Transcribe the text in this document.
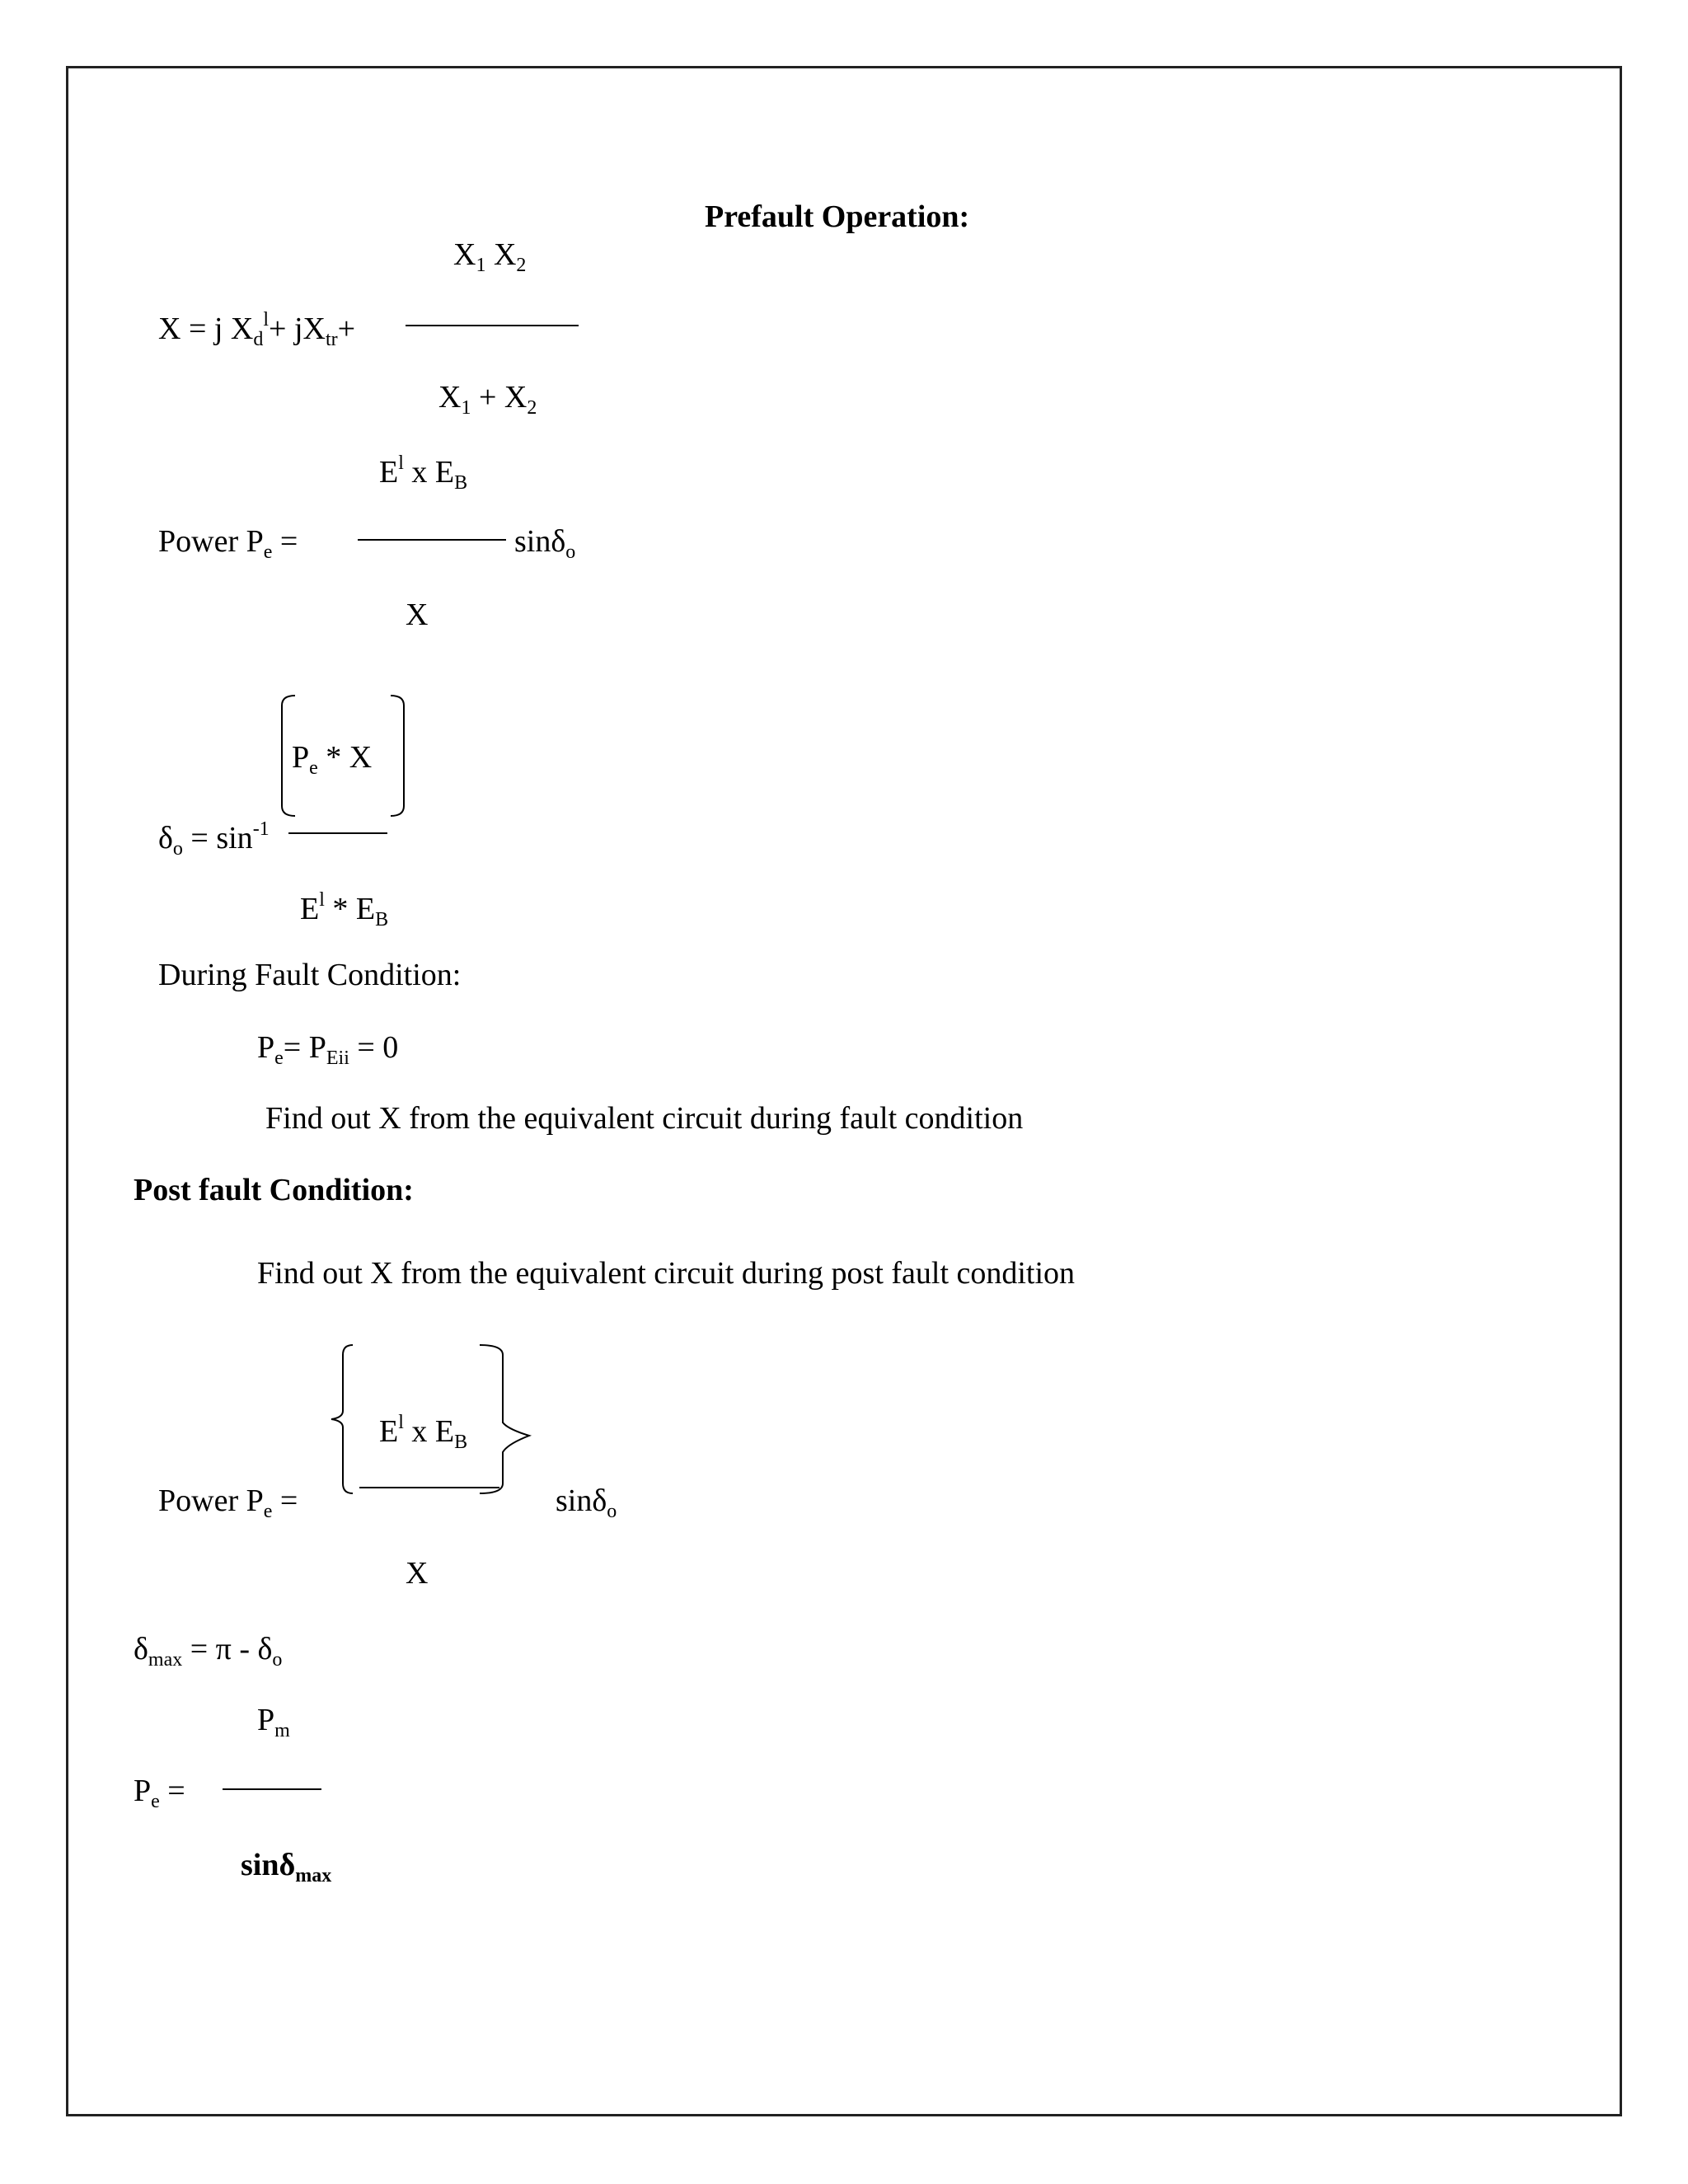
Prefault Operation:
$X_1$ $X_2$
X = j $X_d^l+ jX_{tr}+$
$X_1 + X_2$
$E^l$ x $E_B$
Power $P_e$ =	sinδ$_o$
X
$P_e$ * X
$\delta_o = \sin^{-1}$
$E^l * E_B$
During Fault Condition:
$P_e= P_{Eii} = 0$
Find out X from the equivalent circuit during fault condition
Post fault Condition:
Find out X from the equivalent circuit during post fault condition
$E^l$ x $E_B$
Power $P_e$ =	sinδ$_o$
X
$\delta_{max} = \pi - \delta_o$
$P_m$
$P_e$ =
sinδ$_{max}$
